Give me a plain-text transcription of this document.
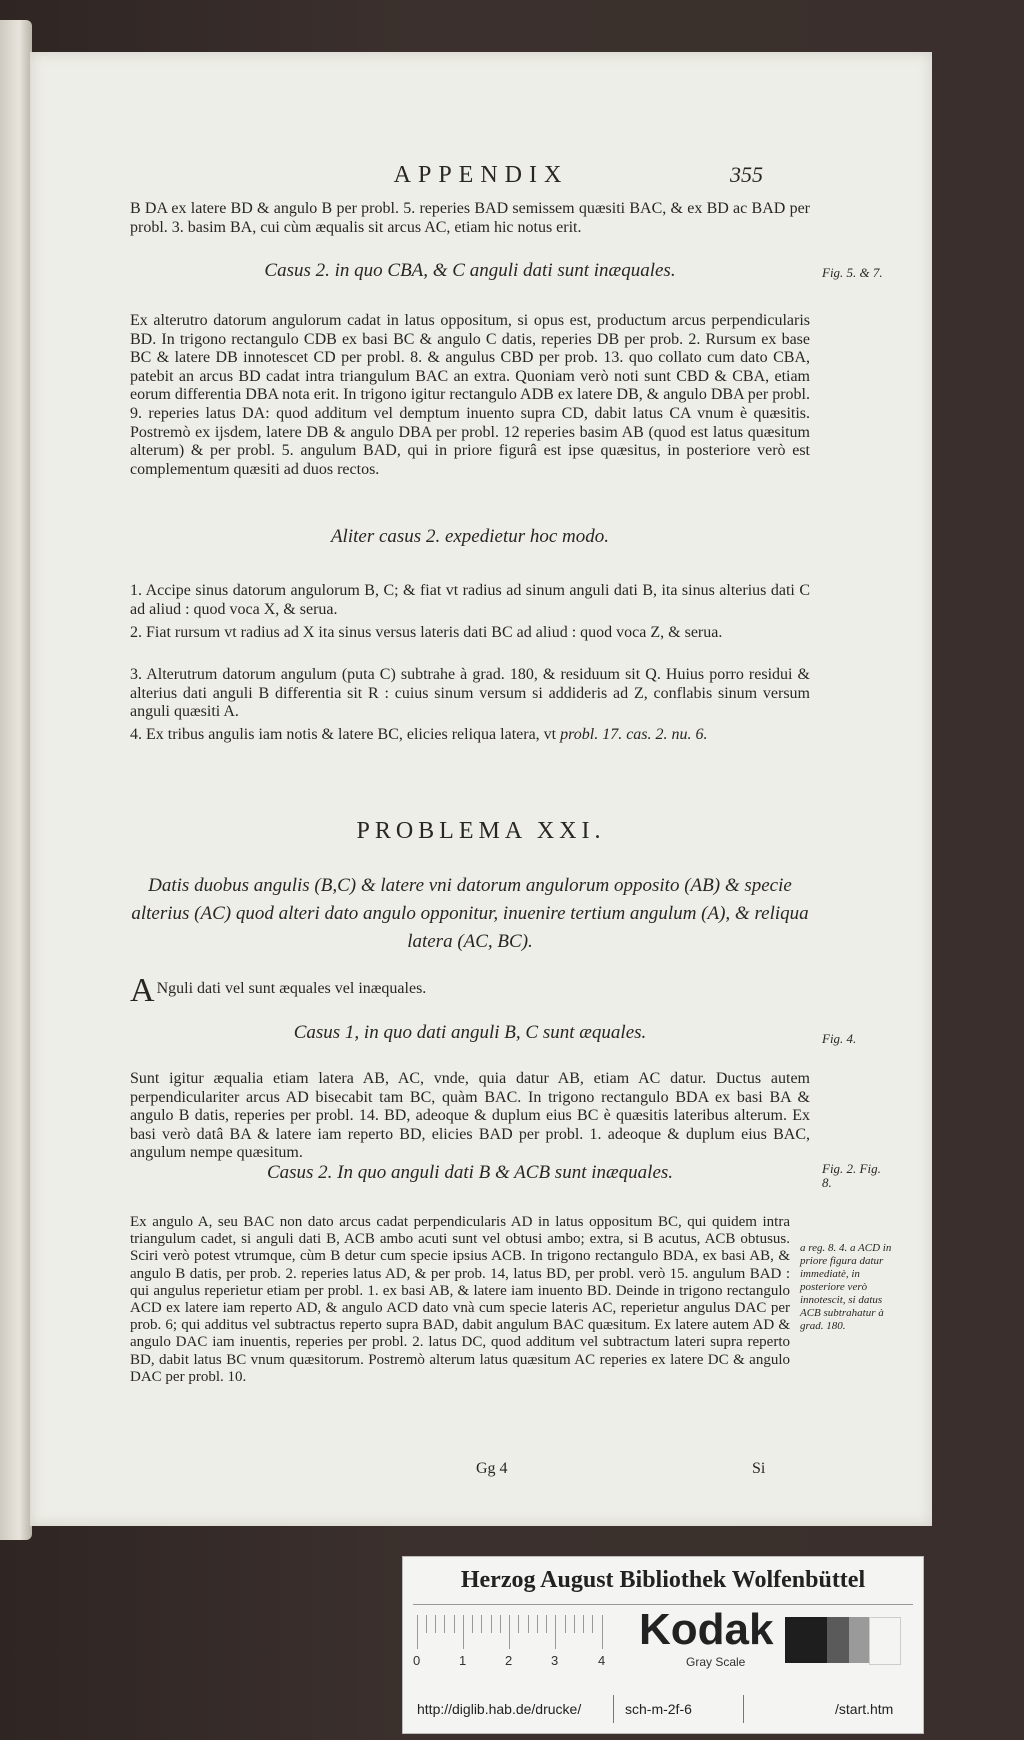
APPENDIX	355
B DA ex latere BD & angulo B per probl. 5. reperies BAD semissem quæsiti BAC, & ex BD ac BAD per probl. 3. basim BA, cui cùm æqualis sit arcus AC, etiam hic notus erit.
Casus 2. in quo CBA, & C anguli dati sunt inæquales.	Fig. 5. & 7.
Ex alterutro datorum angulorum cadat in latus oppositum, si opus est, productum arcus perpendicularis BD. In trigono rectangulo CDB ex basi BC & angulo C datis, reperies DB per prob. 2. Rursum ex base BC & latere DB innotescet CD per probl. 8. & angulus CBD per prob. 13. quo collato cum dato CBA, patebit an arcus BD cadat intra triangulum BAC an extra. Quoniam verò noti sunt CBD & CBA, etiam eorum differentia DBA nota erit. In trigono igitur rectangulo ADB ex latere DB, & angulo DBA per probl. 9. reperies latus DA: quod additum vel demptum inuento supra CD, dabit latus CA vnum è quæsitis. Postremò ex ijsdem, latere DB & angulo DBA per probl. 12 reperies basim AB (quod est latus quæsitum alterum) & per probl. 5. angulum BAD, qui in priore figurâ est ipse quæsitus, in posteriore verò est complementum quæsiti ad duos rectos.
Aliter casus 2. expedietur hoc modo.
1. Accipe sinus datorum angulorum B, C; & fiat vt radius ad sinum anguli dati B, ita sinus alterius dati C ad aliud : quod voca X, & serua.
2. Fiat rursum vt radius ad X ita sinus versus lateris dati BC ad aliud : quod voca Z, & serua.
3. Alterutrum datorum angulum (puta C) subtrahe à grad. 180, & residuum sit Q. Huius porro residui & alterius dati anguli B differentia sit R : cuius sinum versum si addideris ad Z, conflabis sinum versum anguli quæsiti A.
4. Ex tribus angulis iam notis & latere BC, elicies reliqua latera, vt probl. 17. cas. 2. nu. 6.
PROBLEMA XXI.
Datis duobus angulis (B,C) & latere vni datorum angulorum opposito (AB) & specie alterius (AC) quod alteri dato angulo opponitur, inuenire tertium angulum (A), & reliqua latera (AC, BC).
A Nguli dati vel sunt æquales vel inæquales.
Casus 1, in quo dati anguli B, C sunt æquales.	Fig. 4.
Sunt igitur æqualia etiam latera AB, AC, vnde, quia datur AB, etiam AC datur. Ductus autem perpendiculariter arcus AD bisecabit tam BC, quàm BAC. In trigono rectangulo BDA ex basi BA & angulo B datis, reperies per probl. 14. BD, adeoque & duplum eius BC è quæsitis lateribus alterum. Ex basi verò datâ BA & latere iam reperto BD, elicies BAD per probl. 1. adeoque & duplum eius BAC, angulum nempe quæsitum.
Casus 2. In quo anguli dati B & ACB sunt inæquales.	Fig. 2. Fig. 8.
Ex angulo A, seu BAC non dato arcus cadat perpendicularis AD in latus oppositum BC, qui quidem intra triangulum cadet, si anguli dati B, ACB ambo acuti sunt vel obtusi ambo; extra, si B acutus, ACB obtusus. Sciri verò potest vtrumque, cùm B detur cum specie ipsius ACB. In trigono rectangulo BDA, ex basi AB, & angulo B datis, per prob. 2. reperies latus AD, & per prob. 14, latus BD, per probl. verò 15. angulum BAD : qui angulus reperietur etiam per probl. 1. ex basi AB, & latere iam inuento BD. Deinde in trigono rectangulo ACD ex latere iam reperto AD, & angulo ACD dato vnà cum specie lateris AC, reperietur angulus DAC per prob. 6; qui additus vel subtractus reperto supra BAD, dabit angulum BAC quæsitum. Ex latere autem AD & angulo DAC iam inuentis, reperies per probl. 2. latus DC, quod additum vel subtractum lateri supra reperto BD, dabit latus BC vnum quæsitorum. Postremò alterum latus quæsitum AC reperies ex latere DC & angulo DAC per probl. 10.
a reg. 8. 4. a ACD in priore figura datur immediatè, in posteriore verò innotescit, si datus ACB subtrahatur à grad. 180.
Gg 4	Si
Herzog August Bibliothek Wolfenbüttel
0	1	2	3	4
Kodak
Gray Scale
http://diglib.hab.de/drucke/	sch-m-2f-6	/start.htm
